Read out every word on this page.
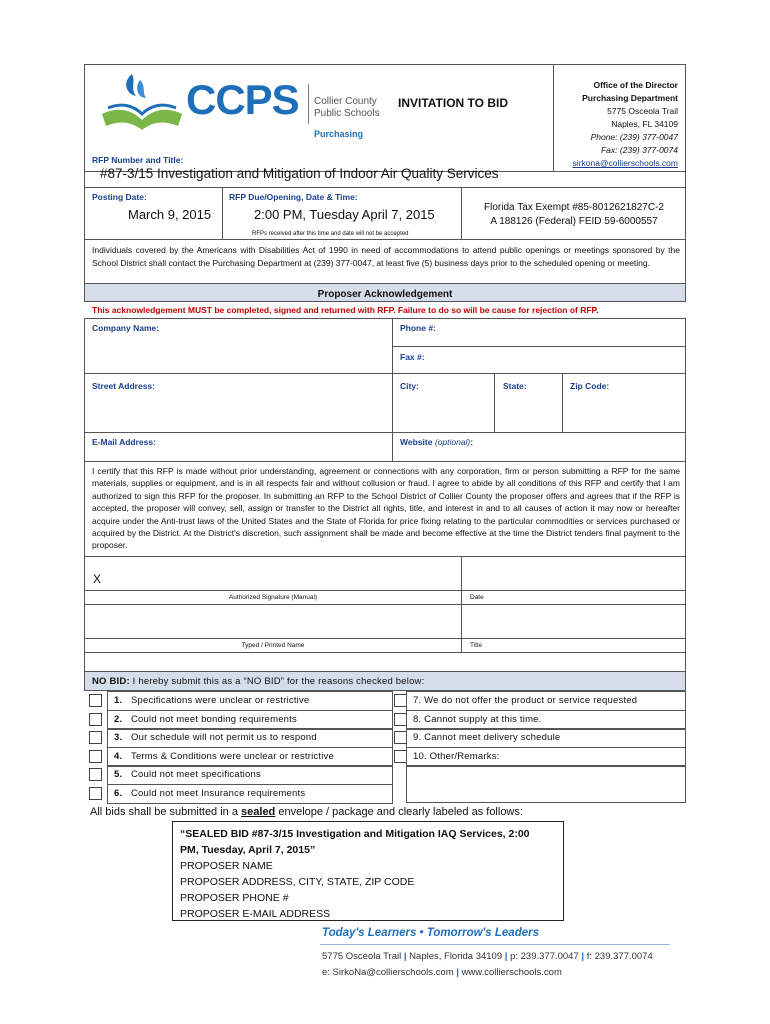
CCPS Collier County
Public Schools
Purchasing
INVITATION TO BID
Office of the Director
Purchasing Department
5775 Osceola Trail
Naples, FL 34109
Phone: (239) 377-0047
Fax: (239) 377-0074
sirkona@collierschools.com
RFP Number and Title:
#87-3/15 Investigation and Mitigation of Indoor Air Quality Services
Posting Date:
March 9, 2015
RFP Due/Opening, Date & Time:
2:00 PM, Tuesday April 7, 2015
RFPs received after this time and date will not be accepted
Florida Tax Exempt #85-8012621827C-2
A 188126 (Federal) FEID 59-6000557
Individuals covered by the Americans with Disabilities Act of 1990 in need of accommodations to attend public openings or meetings sponsored by the School District shall contact the Purchasing Department at (239) 377-0047, at least five (5) business days prior to the scheduled opening or meeting.
Proposer Acknowledgement
This acknowledgement MUST be completed, signed and returned with RFP. Failure to do so will be cause for rejection of RFP.
Company Name:	Phone #:
Fax #:
Street Address:	City:	State:	Zip Code:
E-Mail Address:	Website (optional):
I certify that this RFP is made without prior understanding, agreement or connections with any corporation, firm or person submitting a RFP for the same materials, supplies or equipment, and is in all respects fair and without collusion or fraud. I agree to abide by all conditions of this RFP and certify that I am authorized to sign this RFP for the proposer. In submitting an RFP to the School District of Collier County the proposer offers and agrees that if the RFP is accepted, the proposer will convey, sell, assign or transfer to the District all rights, title, and interest in and to all causes of action it may now or hereafter acquire under the Anti-trust laws of the United States and the State of Florida for price fixing relating to the particular commodities or services purchased or acquired by the District. At the District's discretion, such assignment shall be made and become effective at the time the District tenders final payment to the proposer.
X
Authorized Signature (Manual)	Date
Typed / Printed Name	Title
NO BID: I hereby submit this as a “NO BID” for the reasons checked below:
1. Specifications were unclear or restrictive	7. We do not offer the product or service requested
2. Could not meet bonding requirements	8. Cannot supply at this time.
3. Our schedule will not permit us to respond	9. Cannot meet delivery schedule
4. Terms & Conditions were unclear or restrictive	10. Other/Remarks:
5. Could not meet specifications
6. Could not meet Insurance requirements
All bids shall be submitted in a sealed envelope / package and clearly labeled as follows:
“SEALED BID #87-3/15 Investigation and Mitigation IAQ Services, 2:00
PM, Tuesday, April 7, 2015”
PROPOSER NAME
PROPOSER ADDRESS, CITY, STATE, ZIP CODE
PROPOSER PHONE #
PROPOSER E-MAIL ADDRESS
Today's Learners • Tomorrow's Leaders
5775 Osceola Trail | Naples, Florida 34109 | p: 239.377.0047 | f: 239.377.0074
e: SirkoNa@collierschools.com | www.collierschools.com
